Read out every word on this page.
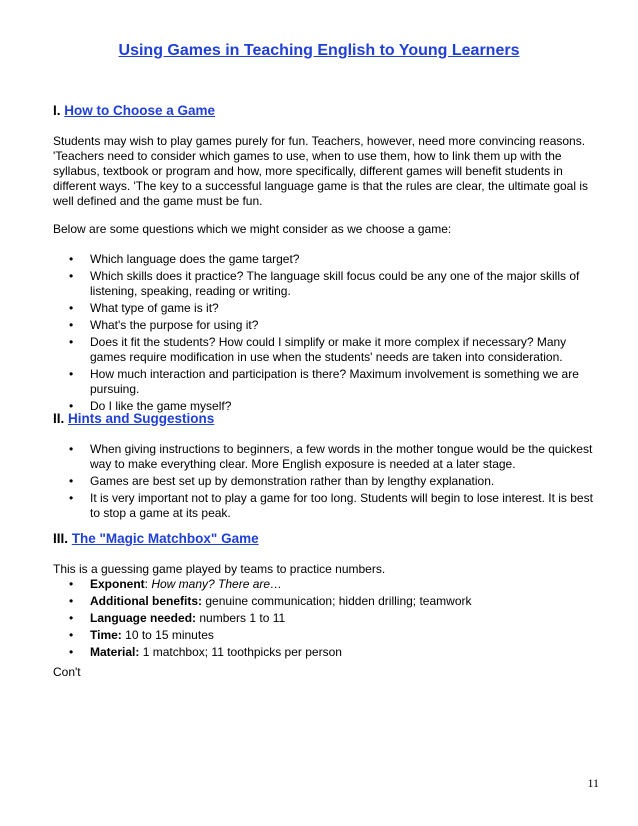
Using Games in Teaching English to Young Learners
I. How to Choose a Game
Students may wish to play games purely for fun. Teachers, however, need more convincing reasons. 'Teachers need to consider which games to use, when to use them, how to link them up with the syllabus, textbook or program and how, more specifically, different games will benefit students in different ways. 'The key to a successful language game is that the rules are clear, the ultimate goal is well defined and the game must be fun.
Below are some questions which we might consider as we choose a game:
• Which language does the game target?
• Which skills does it practice? The language skill focus could be any one of the major skills of listening, speaking, reading or writing.
• What type of game is it?
• What's the purpose for using it?
• Does it fit the students? How could I simplify or make it more complex if necessary? Many games require modification in use when the students' needs are taken into consideration.
• How much interaction and participation is there? Maximum involvement is something we are pursuing.
• Do I like the game myself?
II. Hints and Suggestions
• When giving instructions to beginners, a few words in the mother tongue would be the quickest way to make everything clear. More English exposure is needed at a later stage.
• Games are best set up by demonstration rather than by lengthy explanation.
• It is very important not to play a game for too long. Students will begin to lose interest. It is best to stop a game at its peak.
III. The "Magic Matchbox" Game
This is a guessing game played by teams to practice numbers.
• Exponent: How many? There are…
• Additional benefits: genuine communication; hidden drilling; teamwork
• Language needed: numbers 1 to 11
• Time: 10 to 15 minutes
• Material: 1 matchbox; 11 toothpicks per person
Con't
11
